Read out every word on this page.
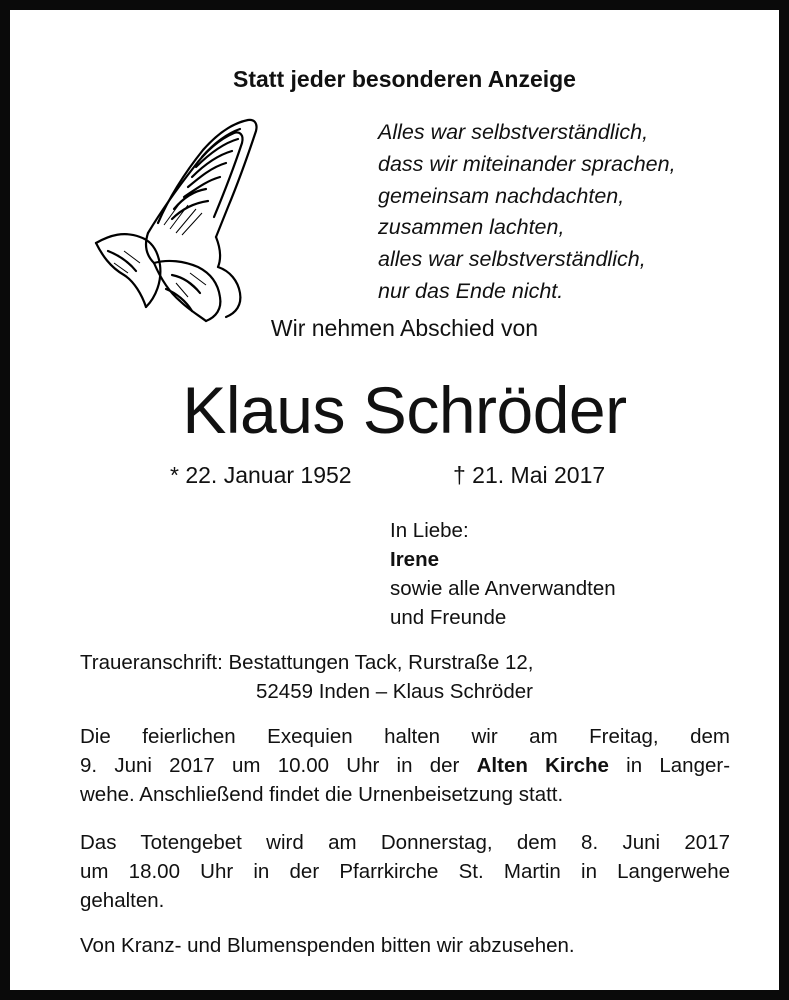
Statt jeder besonderen Anzeige
Alles war selbstverständlich,
dass wir miteinander sprachen,
gemeinsam nachdachten,
zusammen lachten,
alles war selbstverständlich,
nur das Ende nicht.
Wir nehmen Abschied von
Klaus Schröder
* 22. Januar 1952	† 21. Mai 2017
In Liebe:
Irene
sowie alle Anverwandten
und Freunde
Traueranschrift: Bestattungen Tack, Rurstraße 12,
52459 Inden – Klaus Schröder
Die feierlichen Exequien halten wir am Freitag, dem
9. Juni 2017 um 10.00 Uhr in der Alten Kirche in Langer-
wehe. Anschließend findet die Urnenbeisetzung statt.
Das Totengebet wird am Donnerstag, dem 8. Juni 2017
um 18.00 Uhr in der Pfarrkirche St. Martin in Langerwehe
gehalten.
Von Kranz- und Blumenspenden bitten wir abzusehen.
